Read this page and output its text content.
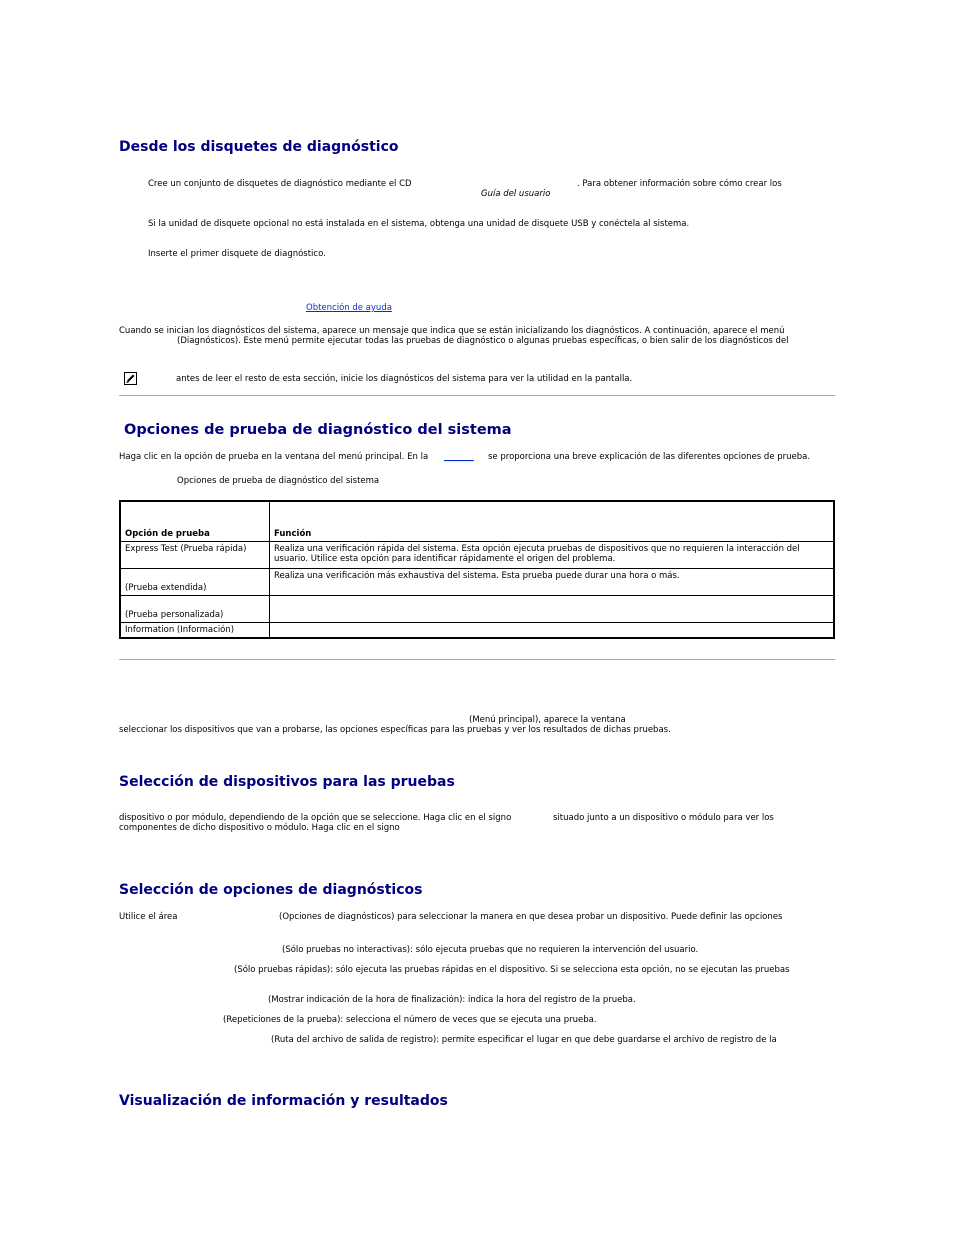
Desde los disquetes de diagnóstico
Cree un conjunto de disquetes de diagnóstico mediante el CD	. Para obtener información sobre cómo crear los
Guía del usuario
Si la unidad de disquete opcional no está instalada en el sistema, obtenga una unidad de disquete USB y conéctela al sistema.
Inserte el primer disquete de diagnóstico.
Obtención de ayuda
Cuando se inician los diagnósticos del sistema, aparece un mensaje que indica que se están inicializando los diagnósticos. A continuación, aparece el menú
(Diagnósticos). Este menú permite ejecutar todas las pruebas de diagnóstico o algunas pruebas específicas, o bien salir de los diagnósticos del
antes de leer el resto de esta sección, inicie los diagnósticos del sistema para ver la utilidad en la pantalla.
Opciones de prueba de diagnóstico del sistema
Haga clic en la opción de prueba en la ventana del menú principal. En la _______ se proporciona una breve explicación de las diferentes opciones de prueba.
Opciones de prueba de diagnóstico del sistema
Opción de prueba	Función
Express Test (Prueba rápida)	Realiza una verificación rápida del sistema. Esta opción ejecuta pruebas de dispositivos que no requieren la interacción del usuario. Utilice esta opción para identificar rápidamente el origen del problema.
(Prueba extendida)	Realiza una verificación más exhaustiva del sistema. Esta prueba puede durar una hora o más.
(Prueba personalizada)	
Information (Información)	
(Menú principal), aparece la ventana
seleccionar los dispositivos que van a probarse, las opciones específicas para las pruebas y ver los resultados de dichas pruebas.
Selección de dispositivos para las pruebas
dispositivo o por módulo, dependiendo de la opción que se seleccione. Haga clic en el signo	situado junto a un dispositivo o módulo para ver los
componentes de dicho dispositivo o módulo. Haga clic en el signo
Selección de opciones de diagnósticos
Utilice el área	(Opciones de diagnósticos) para seleccionar la manera en que desea probar un dispositivo. Puede definir las opciones
(Sólo pruebas no interactivas): sólo ejecuta pruebas que no requieren la intervención del usuario.
(Sólo pruebas rápidas): sólo ejecuta las pruebas rápidas en el dispositivo. Si se selecciona esta opción, no se ejecutan las pruebas
(Mostrar indicación de la hora de finalización): indica la hora del registro de la prueba.
(Repeticiones de la prueba): selecciona el número de veces que se ejecuta una prueba.
(Ruta del archivo de salida de registro): permite especificar el lugar en que debe guardarse el archivo de registro de la
Visualización de información y resultados
